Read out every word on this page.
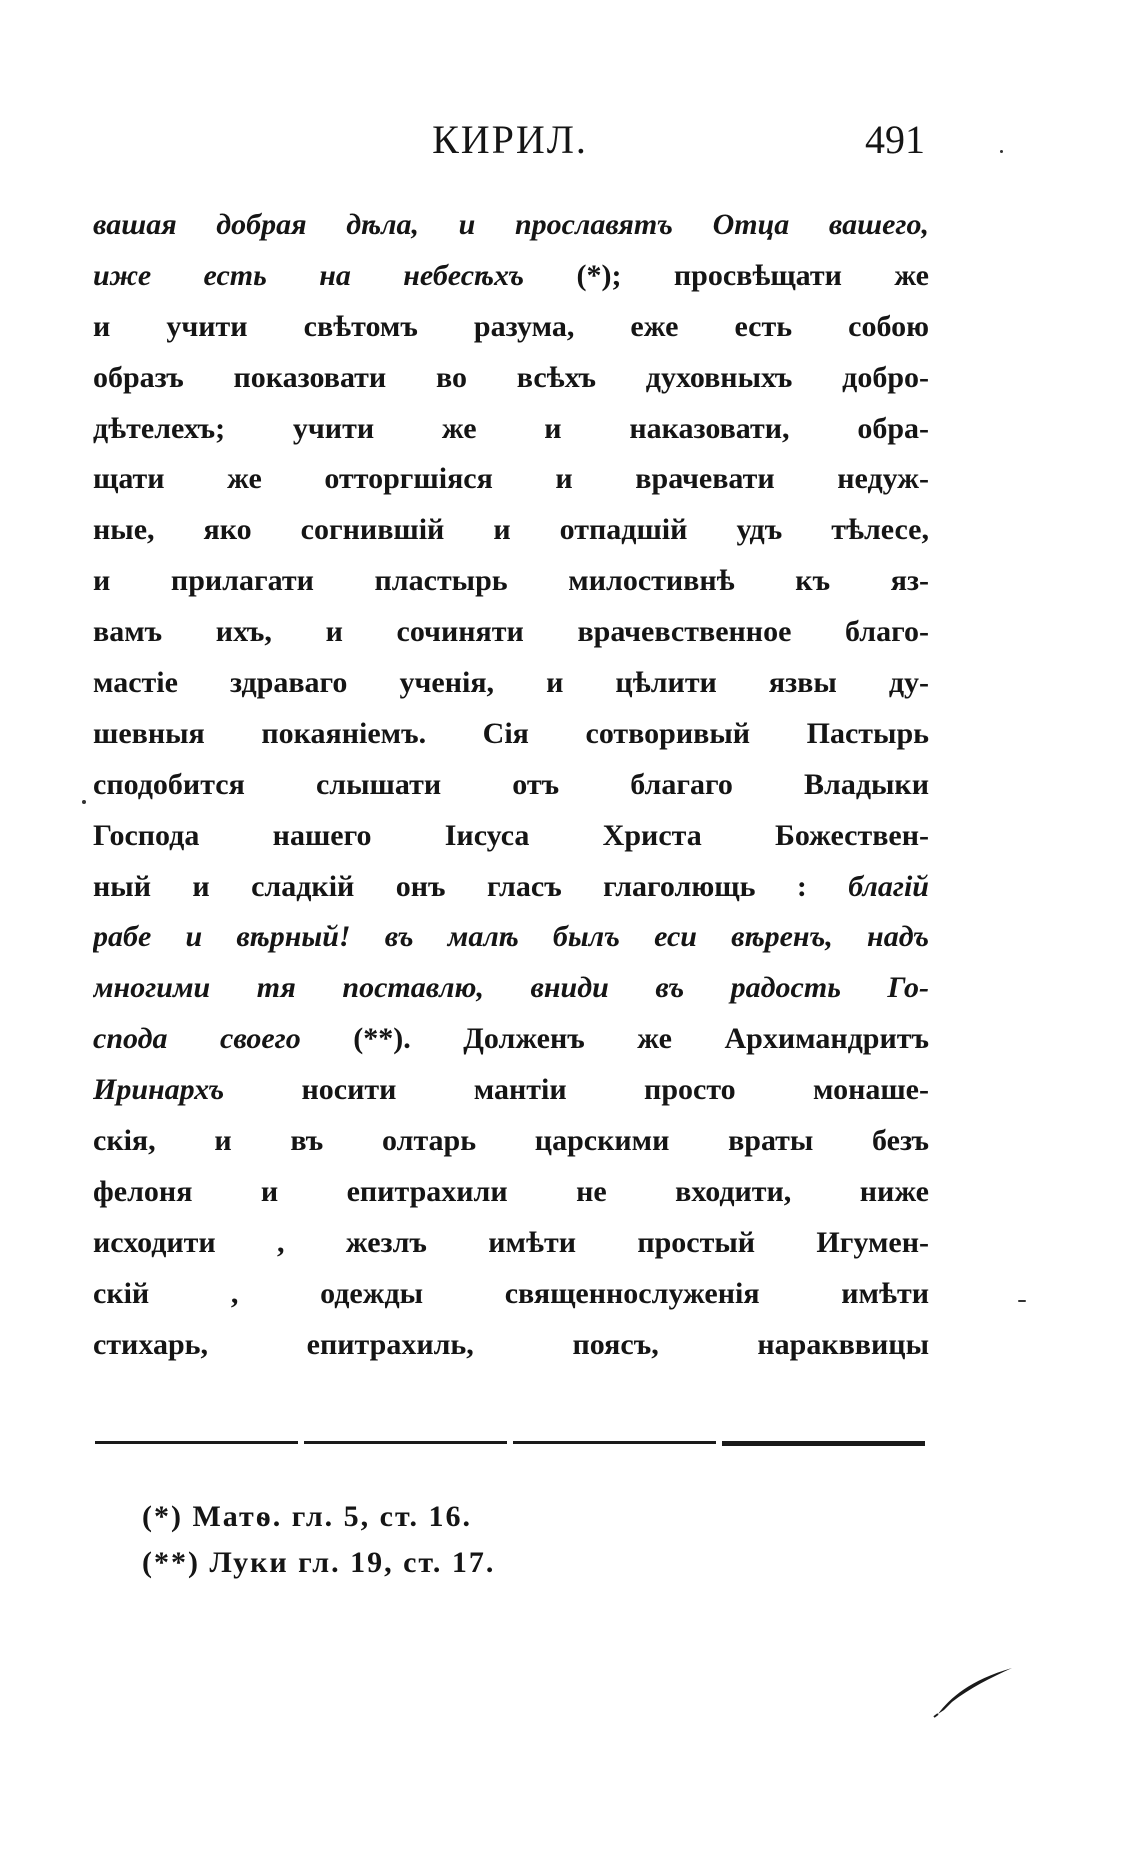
КИРИЛ.	491
вашая добрая дѣла, и прославятъ Отца вашего,
иже есть на небесѣхъ (*); просвѣщати же
и учити свѣтомъ разума, еже есть собою
образъ показовати во всѣхъ духовныхъ добро-
дѣтелехъ; учити же и наказовати, обра-
щати же отторгшіяся и врачевати недуж-
ные, яко согнившій и отпадшій удъ тѣлесе,
и прилагати пластырь милостивнѣ къ яз-
вамъ ихъ, и сочиняти врачевственное благо-
мастіе здраваго ученія, и цѣлити язвы ду-
шевныя покаяніемъ. Сія сотворивый Пастырь
сподобится слышати отъ благаго Владыки
Господа нашего Іисуса Христа Божествен-
ный и сладкій онъ гласъ глаголющь : благій
рабе и вѣрный! въ малѣ былъ еси вѣренъ, надъ
многими тя поставлю, вниди въ радость Го-
спода своего (**). Долженъ же Архимандритъ
Иринархъ носити мантіи просто монаше-
скія, и въ олтарь царскими враты безъ
фелоня и епитрахили не входити, ниже
исходити , жезлъ имѣти простый Игумен-
скій , одежды священнослуженія имѣти
стихарь, епитрахиль, поясъ, наракввицы
(*) Матѳ. гл. 5, ст. 16.
(**) Луки гл. 19, ст. 17.
